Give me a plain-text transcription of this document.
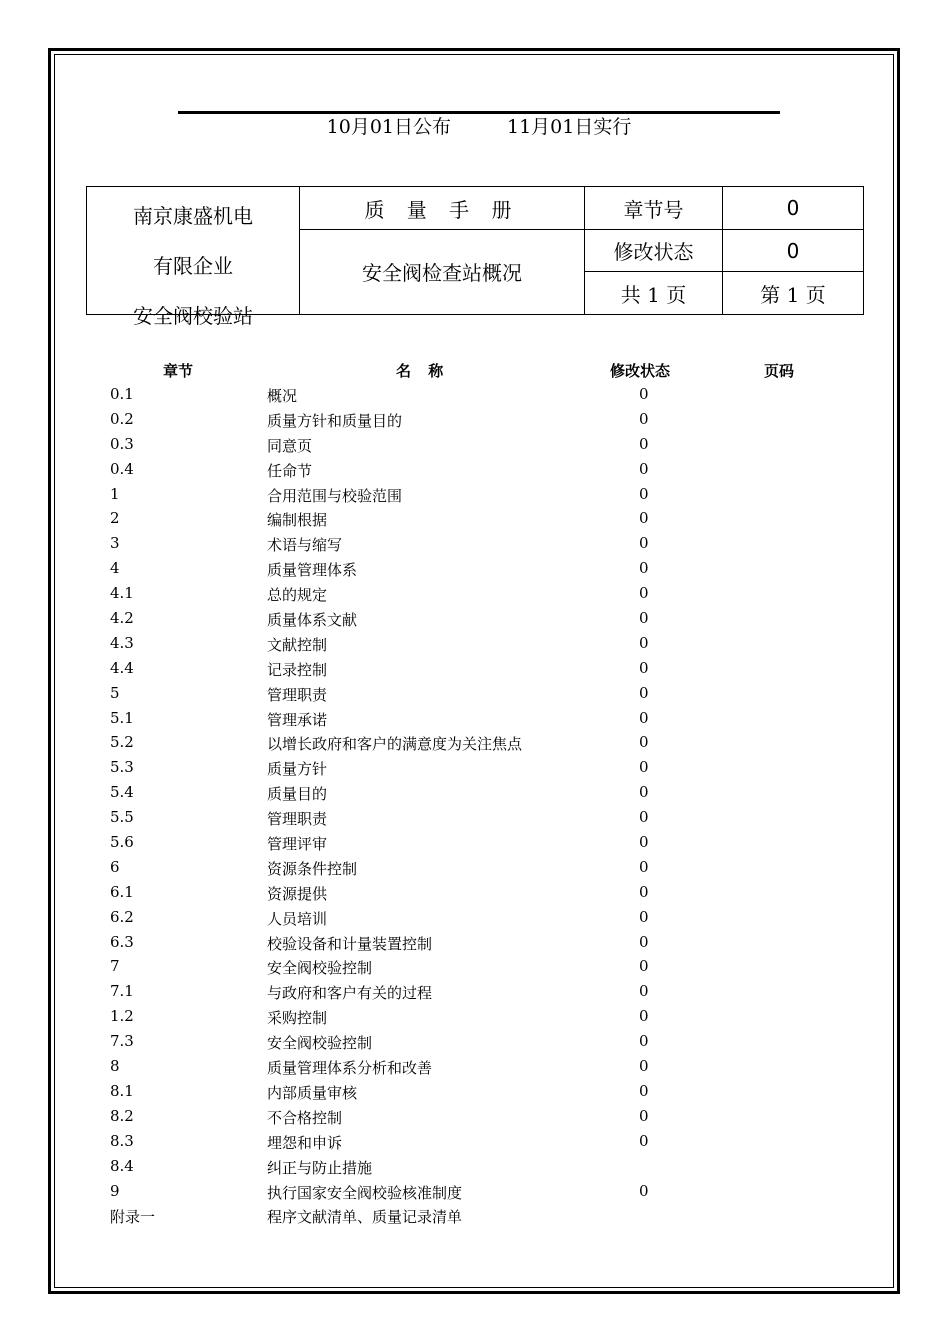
10月01日公布	11月01日实行
南京康盛机电
有限企业
安全阀校验站
质 量 手 册
安全阀检查站概况
章节号	0
修改状态	0
共 1 页	第 1 页
章节	名 称	修改状态	页码
0.1	概况	0
0.2	质量方针和质量目的	0
0.3	同意页	0
0.4	任命节	0
1	合用范围与校验范围	0
2	编制根据	0
3	术语与缩写	0
4	质量管理体系	0
4.1	总的规定	0
4.2	质量体系文献	0
4.3	文献控制	0
4.4	记录控制	0
5	管理职责	0
5.1	管理承诺	0
5.2	以增长政府和客户的满意度为关注焦点	0
5.3	质量方针	0
5.4	质量目的	0
5.5	管理职责	0
5.6	管理评审	0
6	资源条件控制	0
6.1	资源提供	0
6.2	人员培训	0
6.3	校验设备和计量装置控制	0
7	安全阀校验控制	0
7.1	与政府和客户有关的过程	0
1.2	采购控制	0
7.3	安全阀校验控制	0
8	质量管理体系分析和改善	0
8.1	内部质量审核	0
8.2	不合格控制	0
8.3	埋怨和申诉	0
8.4	纠正与防止措施
9	执行国家安全阀校验核准制度	0
附录一	程序文献清单、质量记录清单
